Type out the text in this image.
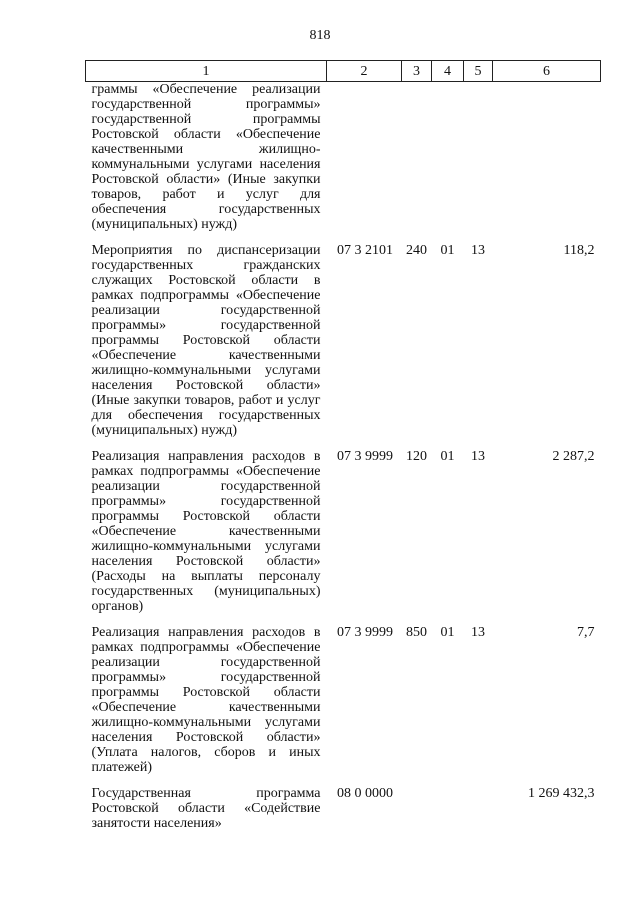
818
1	2	3	4	5	6
граммы «Обеспечение реализации государственной программы» государственной программы Ростовской области «Обеспечение качественными жилищно-коммунальными услугами населения Ростовской области» (Иные закупки товаров, работ и услуг для обеспечения государственных (муниципальных) нужд)					
Мероприятия по диспансеризации государственных гражданских служащих Ростовской области в рамках подпрограммы «Обеспечение реализации государственной программы» государственной программы Ростовской области «Обеспечение качественными жилищно-коммунальными услугами населения Ростовской области» (Иные закупки товаров, работ и услуг для обеспечения государственных (муниципальных) нужд)	07 3 2101	240	01	13	118,2
Реализация направления расходов в рамках подпрограммы «Обеспечение реализации государственной программы» государственной программы Ростовской области «Обеспечение качественными жилищно-коммунальными услугами населения Ростовской области» (Расходы на выплаты персоналу государственных (муниципальных) органов)	07 3 9999	120	01	13	2 287,2
Реализация направления расходов в рамках подпрограммы «Обеспечение реализации государственной программы» государственной программы Ростовской области «Обеспечение качественными жилищно-коммунальными услугами населения Ростовской области» (Уплата налогов, сборов и иных платежей)	07 3 9999	850	01	13	7,7
Государственная программа Ростовской области «Содействие занятости населения»	08 0 0000				1 269 432,3
